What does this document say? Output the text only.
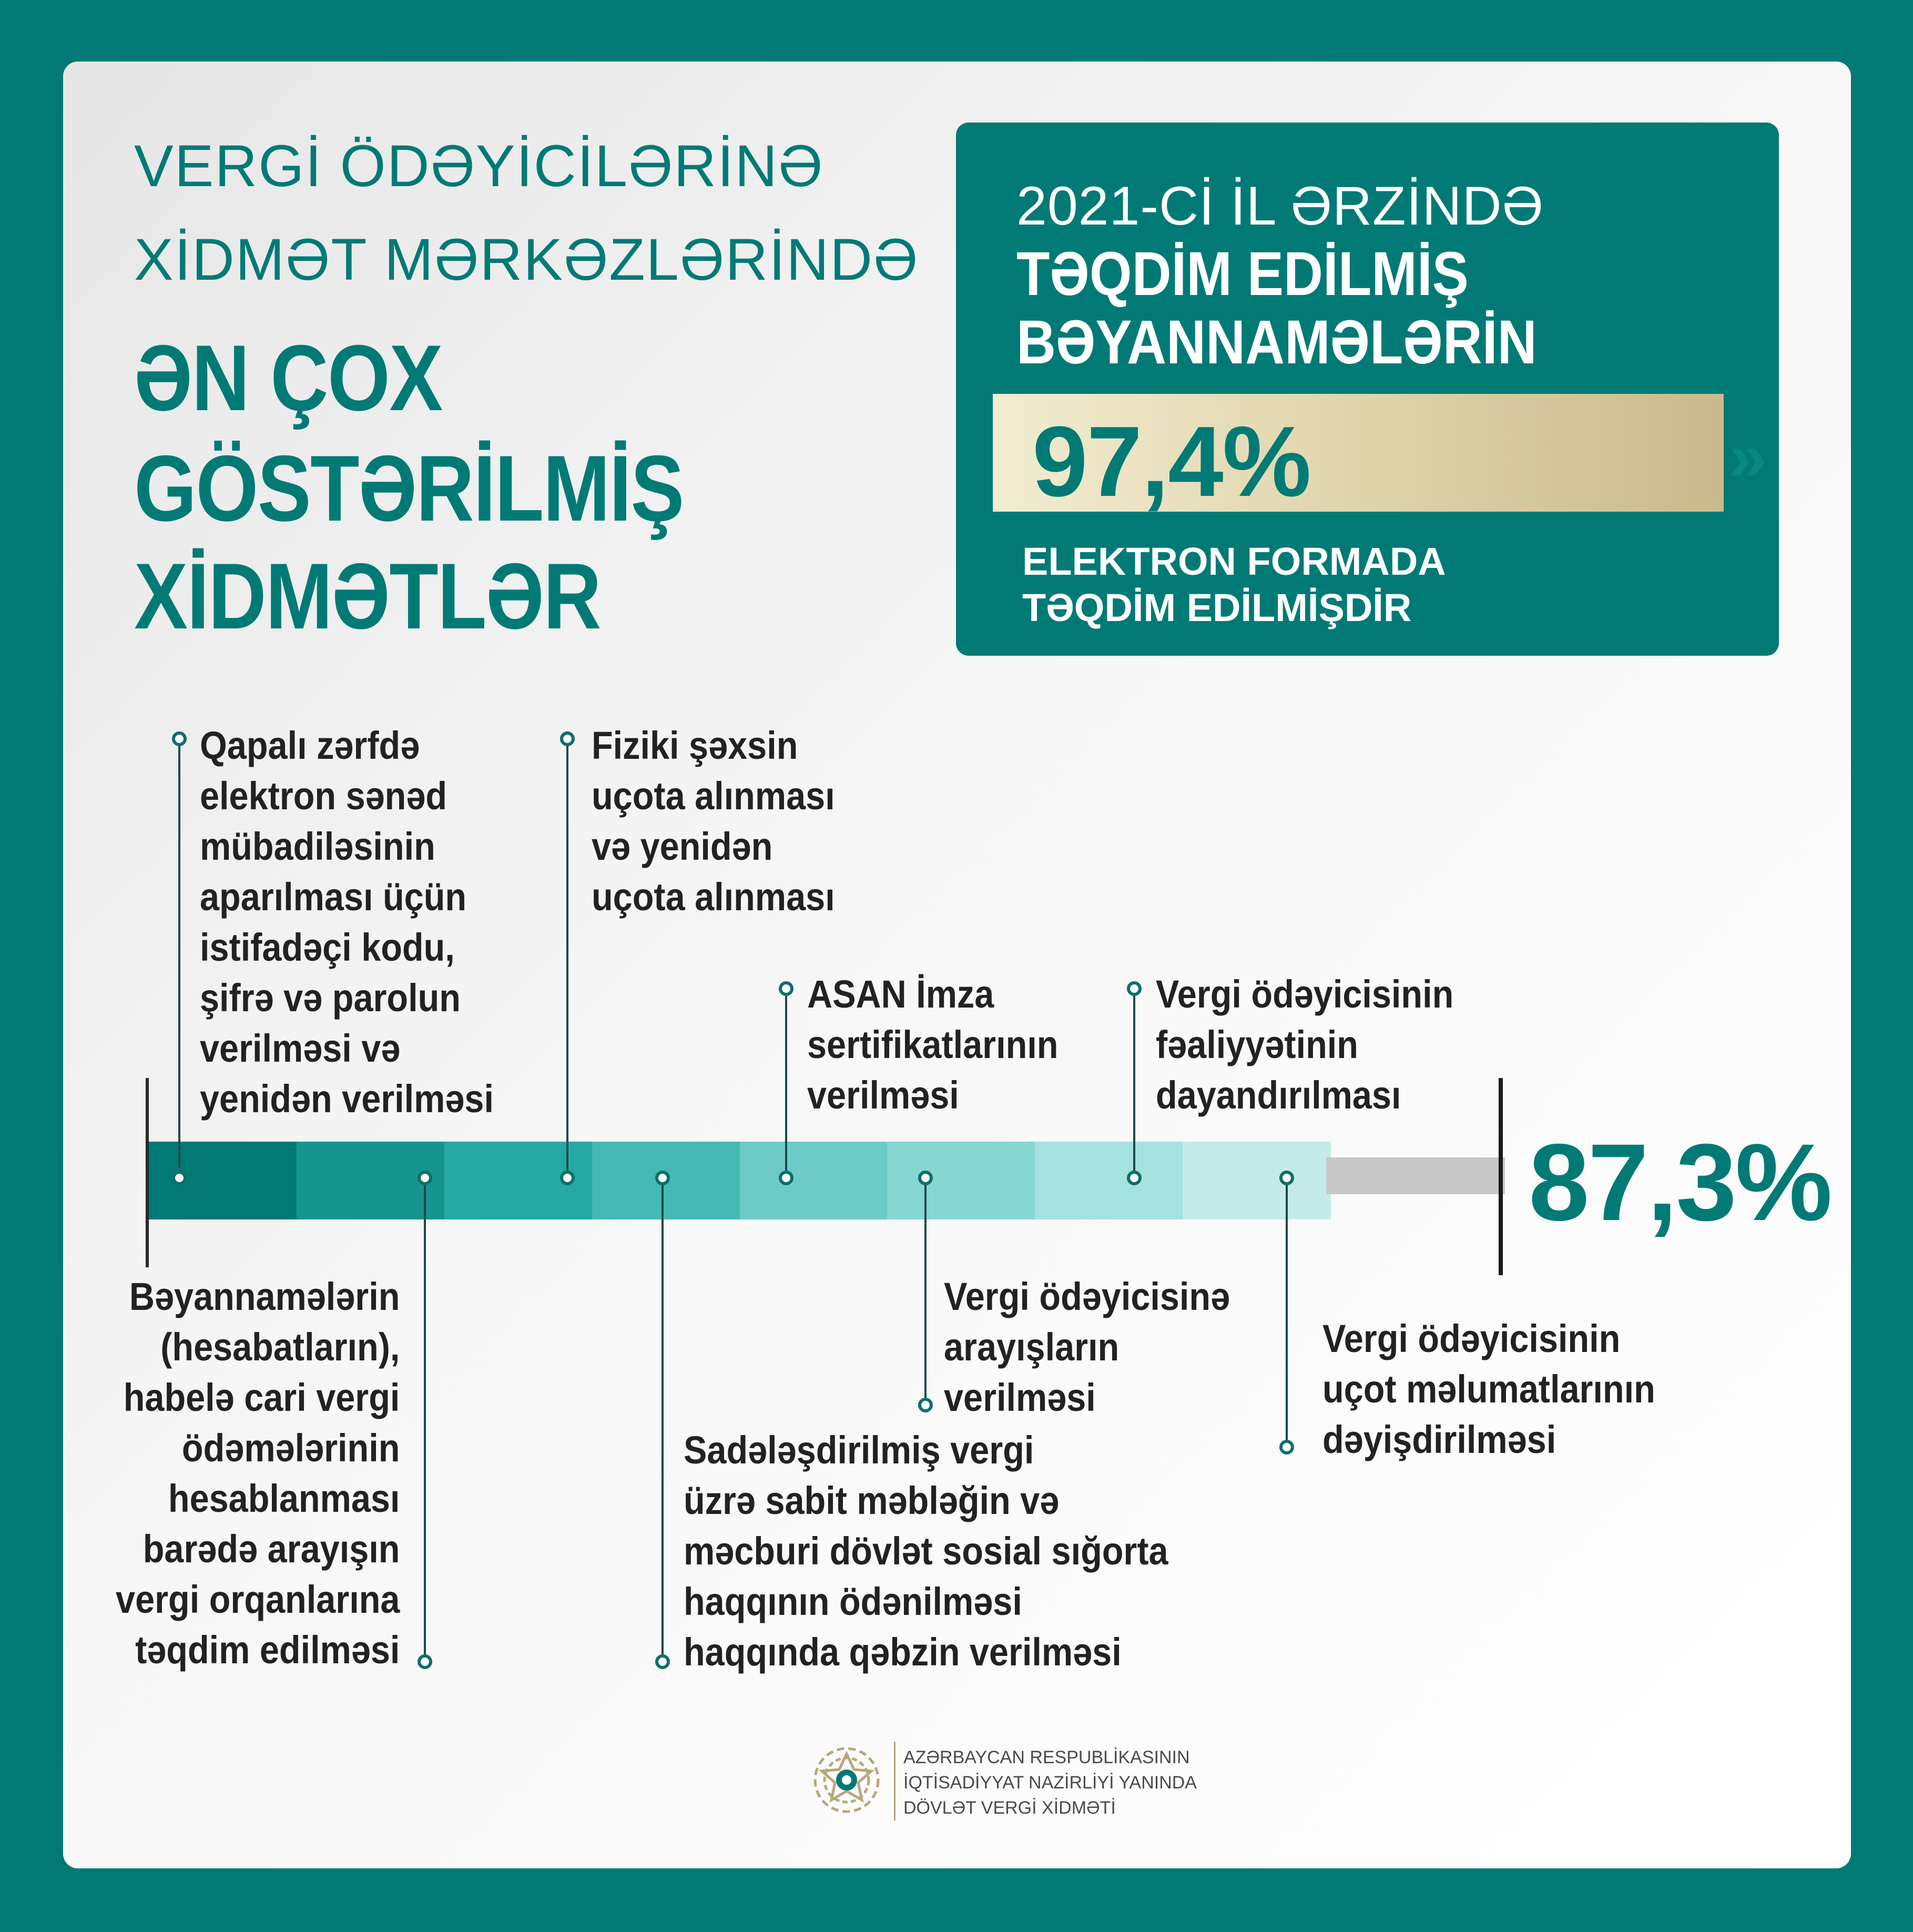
VERGİ ÖDƏYİCİLƏRİNƏ
XİDMƏT MƏRKƏZLƏRİNDƏ
ƏN ÇOX
GÖSTƏRİLMİŞ
XİDMƏTLƏR
2021-Cİ İL ƏRZİNDƏ
TƏQDİM EDİLMİŞ
BƏYANNAMƏLƏRİN
97,4%	»
ELEKTRON FORMADA
TƏQDİM EDİLMİŞDİR
87,3%
Qapalı zərfdə
elektron sənəd
mübadiləsinin
aparılması üçün
istifadəçi kodu,
şifrə və parolun
verilməsi və
yenidən verilməsi
Fiziki şəxsin
uçota alınması
və yenidən
uçota alınması
ASAN İmza
sertifikatlarının
verilməsi
Vergi ödəyicisinin
fəaliyyətinin
dayandırılması
Bəyannamələrin
(hesabatların),
habelə cari vergi
ödəmələrinin
hesablanması
barədə arayışın
vergi orqanlarına
təqdim edilməsi
Sadələşdirilmiş vergi
üzrə sabit məbləğin və
məcburi dövlət sosial sığorta
haqqının ödənilməsi
haqqında qəbzin verilməsi
Vergi ödəyicisinə
arayışların
verilməsi
Vergi ödəyicisinin
uçot məlumatlarının
dəyişdirilməsi
AZƏRBAYCAN RESPUBLİKASININ
İQTİSADİYYAT NAZİRLİYİ YANINDA
DÖVLƏT VERGİ XİDMƏTİ
